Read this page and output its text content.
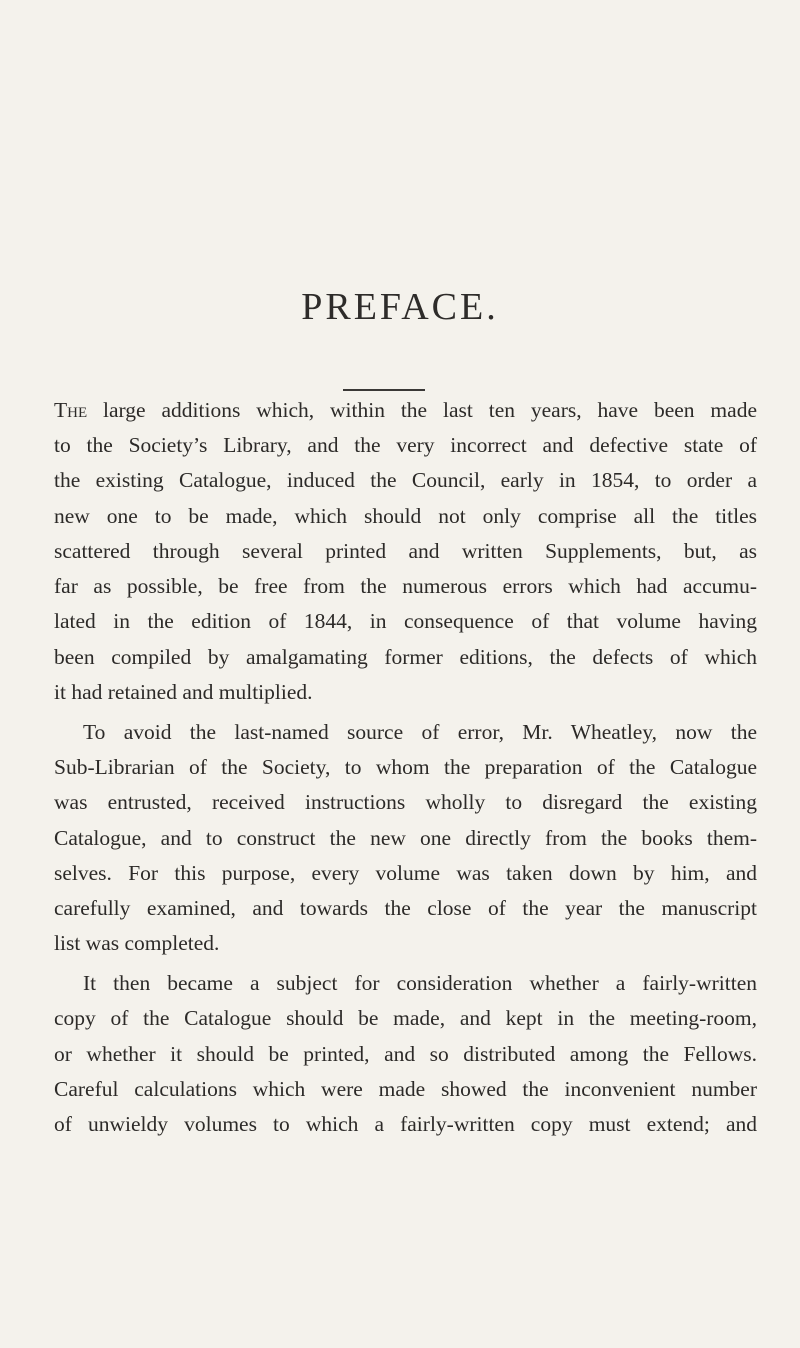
PREFACE.
The large additions which, within the last ten years, have been made
to the Society’s Library, and the very incorrect and defective state of
the existing Catalogue, induced the Council, early in 1854, to order a
new one to be made, which should not only comprise all the titles
scattered through several printed and written Supplements, but, as
far as possible, be free from the numerous errors which had accumu-
lated in the edition of 1844, in consequence of that volume having
been compiled by amalgamating former editions, the defects of which
it had retained and multiplied.
To avoid the last-named source of error, Mr. Wheatley, now the
Sub-Librarian of the Society, to whom the preparation of the Catalogue
was entrusted, received instructions wholly to disregard the existing
Catalogue, and to construct the new one directly from the books them-
selves. For this purpose, every volume was taken down by him, and
carefully examined, and towards the close of the year the manuscript
list was completed.
It then became a subject for consideration whether a fairly-written
copy of the Catalogue should be made, and kept in the meeting-room,
or whether it should be printed, and so distributed among the Fellows.
Careful calculations which were made showed the inconvenient number
of unwieldy volumes to which a fairly-written copy must extend; and
